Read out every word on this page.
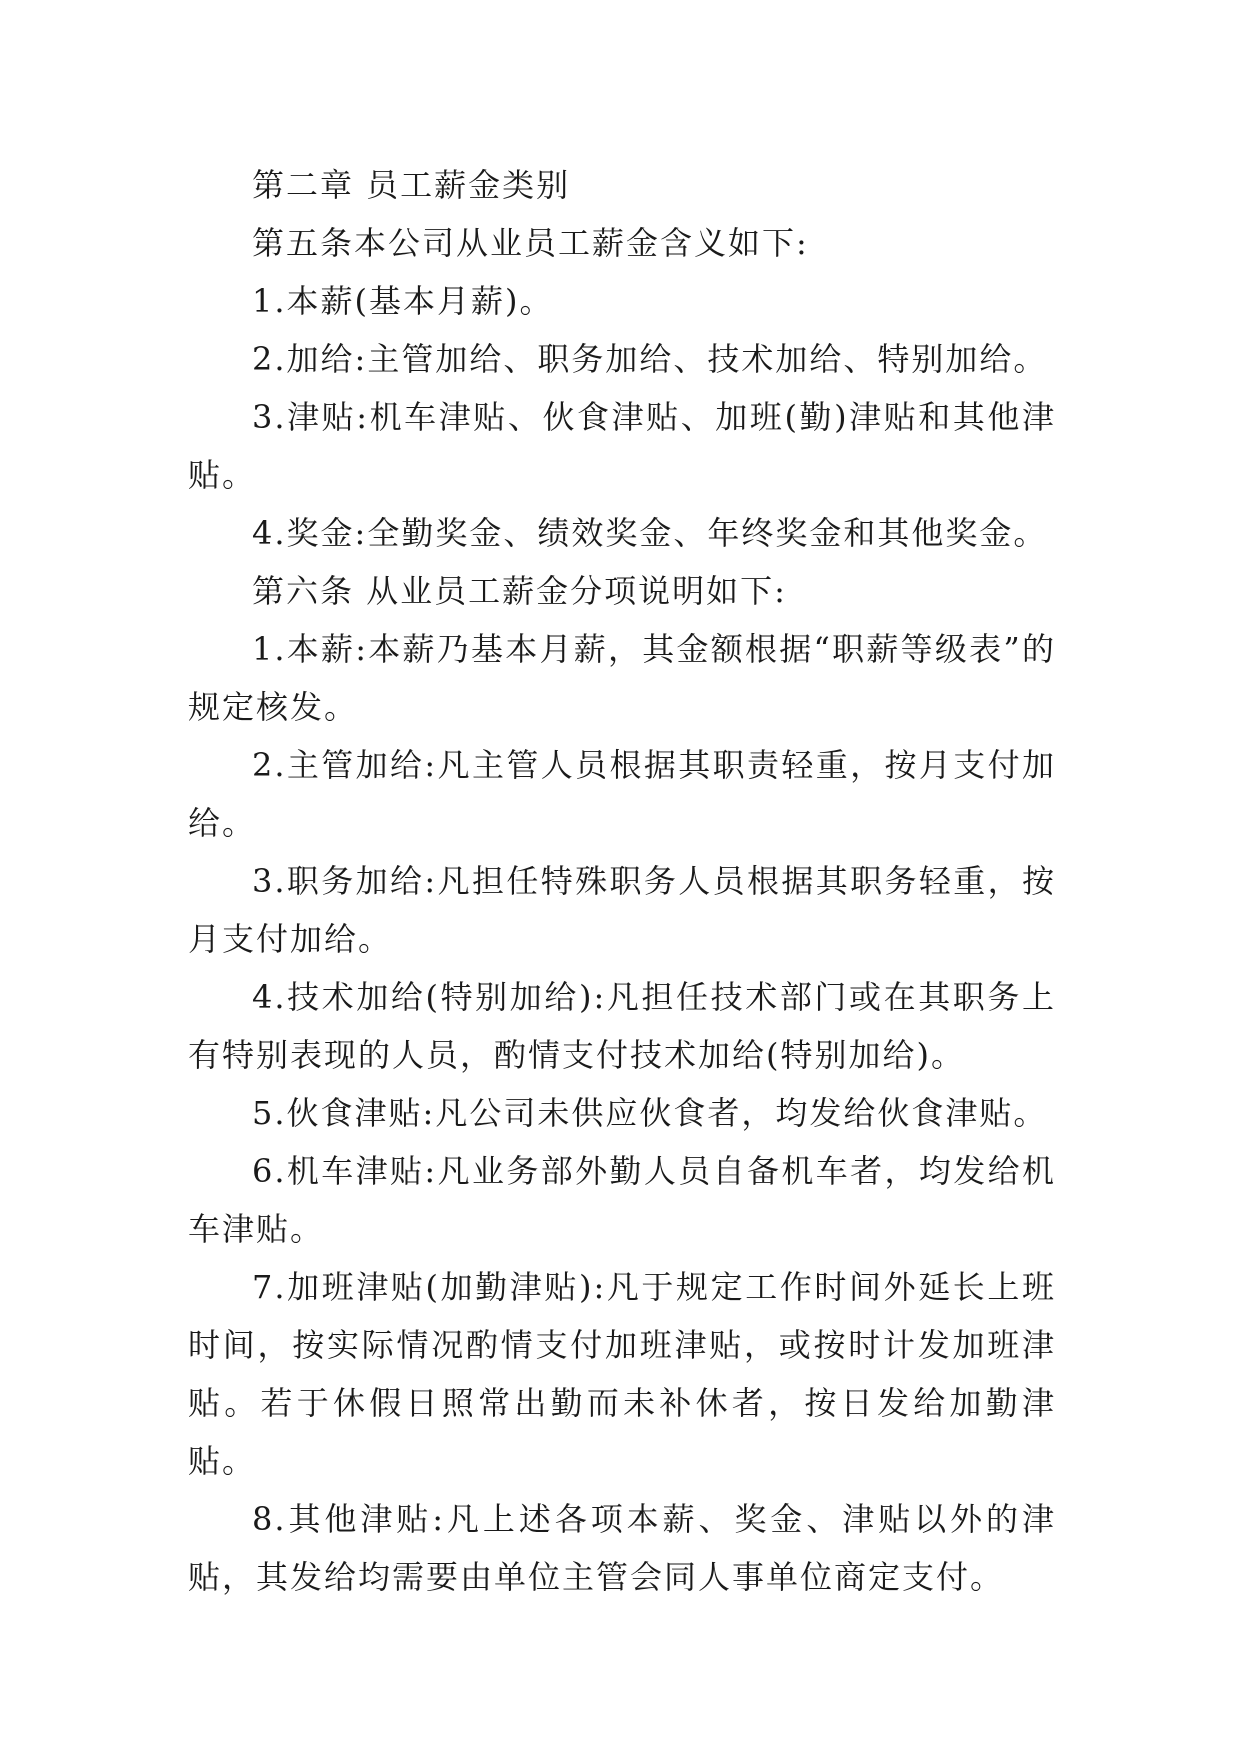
第二章 员工薪金类别

第五条本公司从业员工薪金含义如下:

1.本薪(基本月薪)。

2.加给:主管加给、职务加给、技术加给、特别加给。

3.津贴:机车津贴、伙食津贴、加班(勤)津贴和其他津贴。

4.奖金:全勤奖金、绩效奖金、年终奖金和其他奖金。

第六条 从业员工薪金分项说明如下:

1.本薪:本薪乃基本月薪，其金额根据“职薪等级表”的规定核发。

2.主管加给:凡主管人员根据其职责轻重，按月支付加给。

3.职务加给:凡担任特殊职务人员根据其职务轻重，按月支付加给。

4.技术加给(特别加给):凡担任技术部门或在其职务上有特别表现的人员，酌情支付技术加给(特别加给)。

5.伙食津贴:凡公司未供应伙食者，均发给伙食津贴。

6.机车津贴:凡业务部外勤人员自备机车者，均发给机车津贴。

7.加班津贴(加勤津贴):凡于规定工作时间外延长上班时间，按实际情况酌情支付加班津贴，或按时计发加班津贴。若于休假日照常出勤而未补休者，按日发给加勤津贴。

8.其他津贴:凡上述各项本薪、奖金、津贴以外的津贴，其发给均需要由单位主管会同人事单位商定支付。
